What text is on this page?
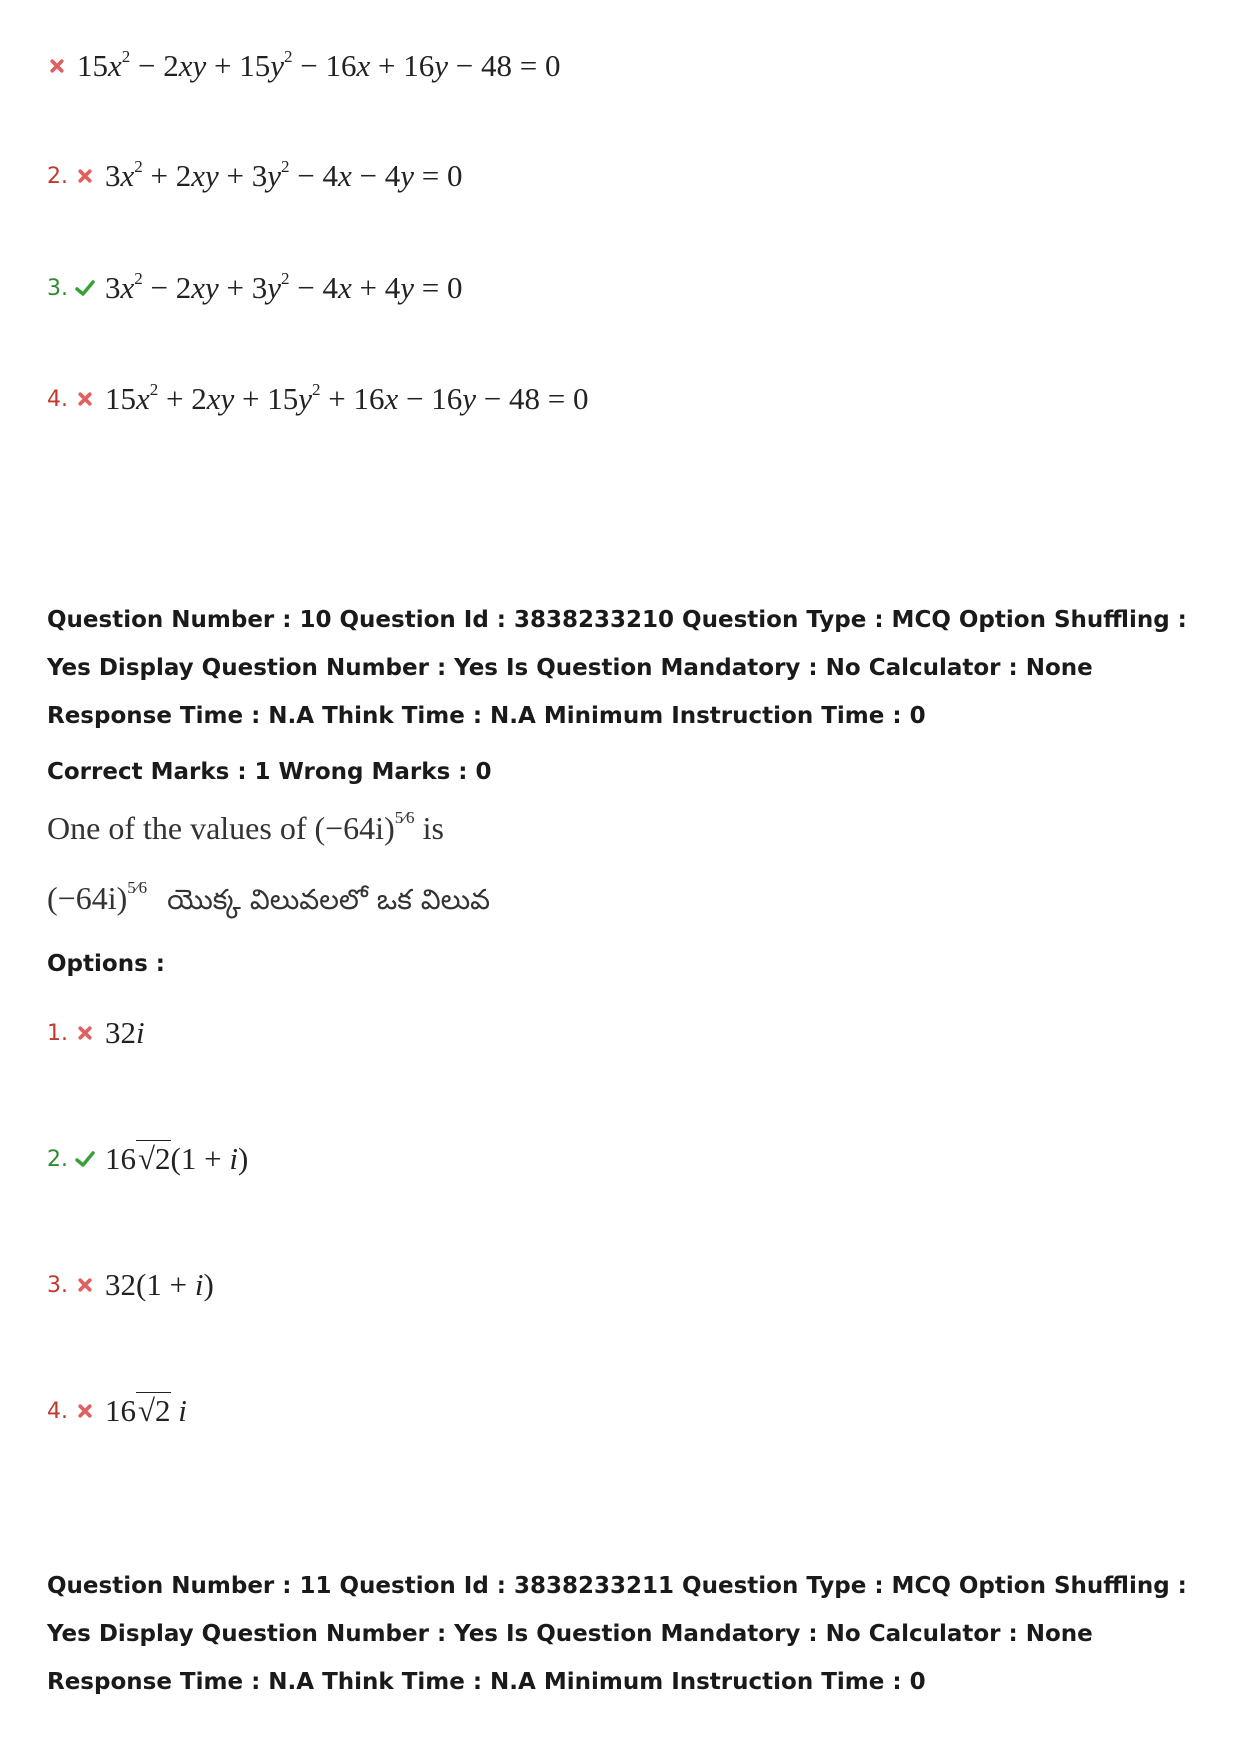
$15x^2 - 2xy + 15y^2 - 16x + 16y - 48 = 0$
2. $3x^2 + 2xy + 3y^2 - 4x - 4y = 0$
3. $3x^2 - 2xy + 3y^2 - 4x + 4y = 0$
4. $15x^2 + 2xy + 15y^2 + 16x - 16y - 48 = 0$
Question Number : 10 Question Id : 3838233210 Question Type : MCQ Option Shuffling : Yes Display Question Number : Yes Is Question Mandatory : No Calculator : None Response Time : N.A Think Time : N.A Minimum Instruction Time : 0
Correct Marks : 1 Wrong Marks : 0
One of the values of $(-64i)^{5⁄6}$ is
$(-64i)^{5⁄6}$ యొక్క విలువలలో ఒక విలువ
Options :
1. 32i
2. 16√2(1 + i)
3. 32(1 + i)
4. 16√2 i
Question Number : 11 Question Id : 3838233211 Question Type : MCQ Option Shuffling : Yes Display Question Number : Yes Is Question Mandatory : No Calculator : None Response Time : N.A Think Time : N.A Minimum Instruction Time : 0
